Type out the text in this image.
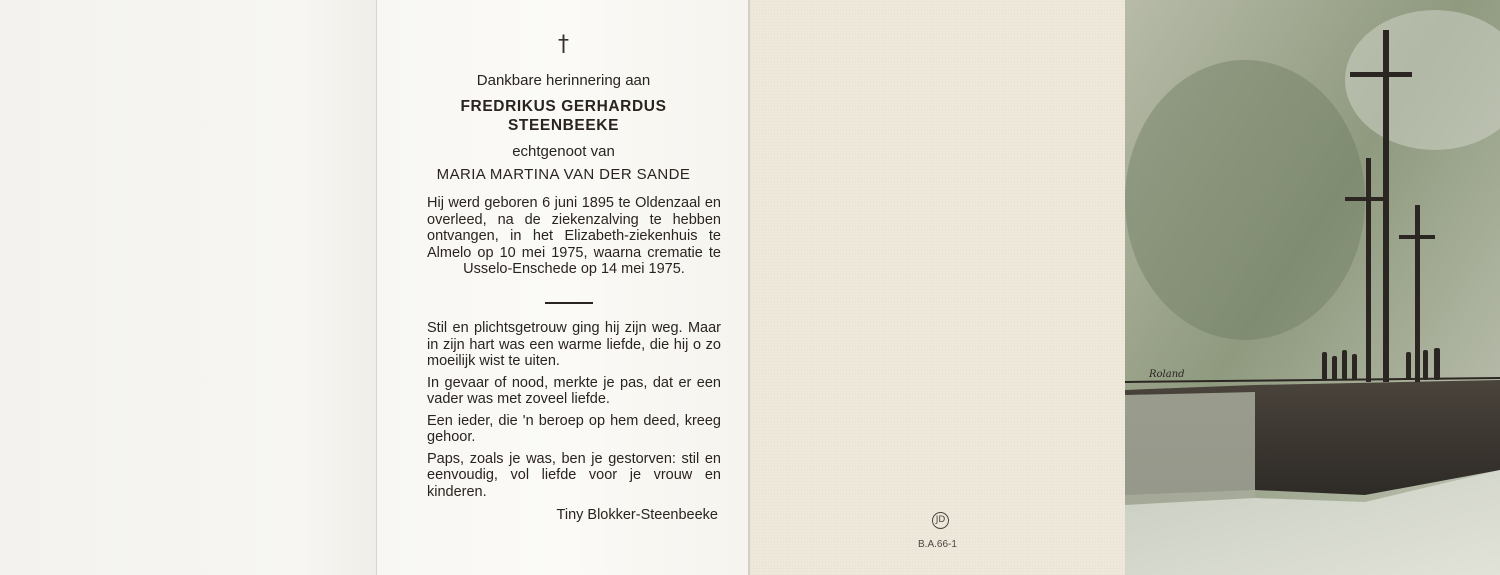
†
Dankbare herinnering aan
FREDRIKUS GERHARDUS
STEENBEEKE
echtgenoot van
MARIA MARTINA VAN DER SANDE
Hij werd geboren 6 juni 1895 te Oldenzaal en overleed, na de ziekenzalving te hebben ontvangen, in het Elizabeth-ziekenhuis te Almelo op 10 mei 1975, waarna crematie te Usselo-Enschede op 14 mei 1975.

Stil en plichtsgetrouw ging hij zijn weg. Maar in zijn hart was een warme liefde, die hij o zo moeilijk wist te uiten.

In gevaar of nood, merkte je pas, dat er een vader was met zoveel liefde.

Een ieder, die 'n beroep op hem deed, kreeg gehoor.

Paps, zoals je was, ben je gestorven: stil en eenvoudig, vol liefde voor je vrouw en kinderen.

Tiny Blokker-Steenbeeke	JD
B.A.66-1
Roland
